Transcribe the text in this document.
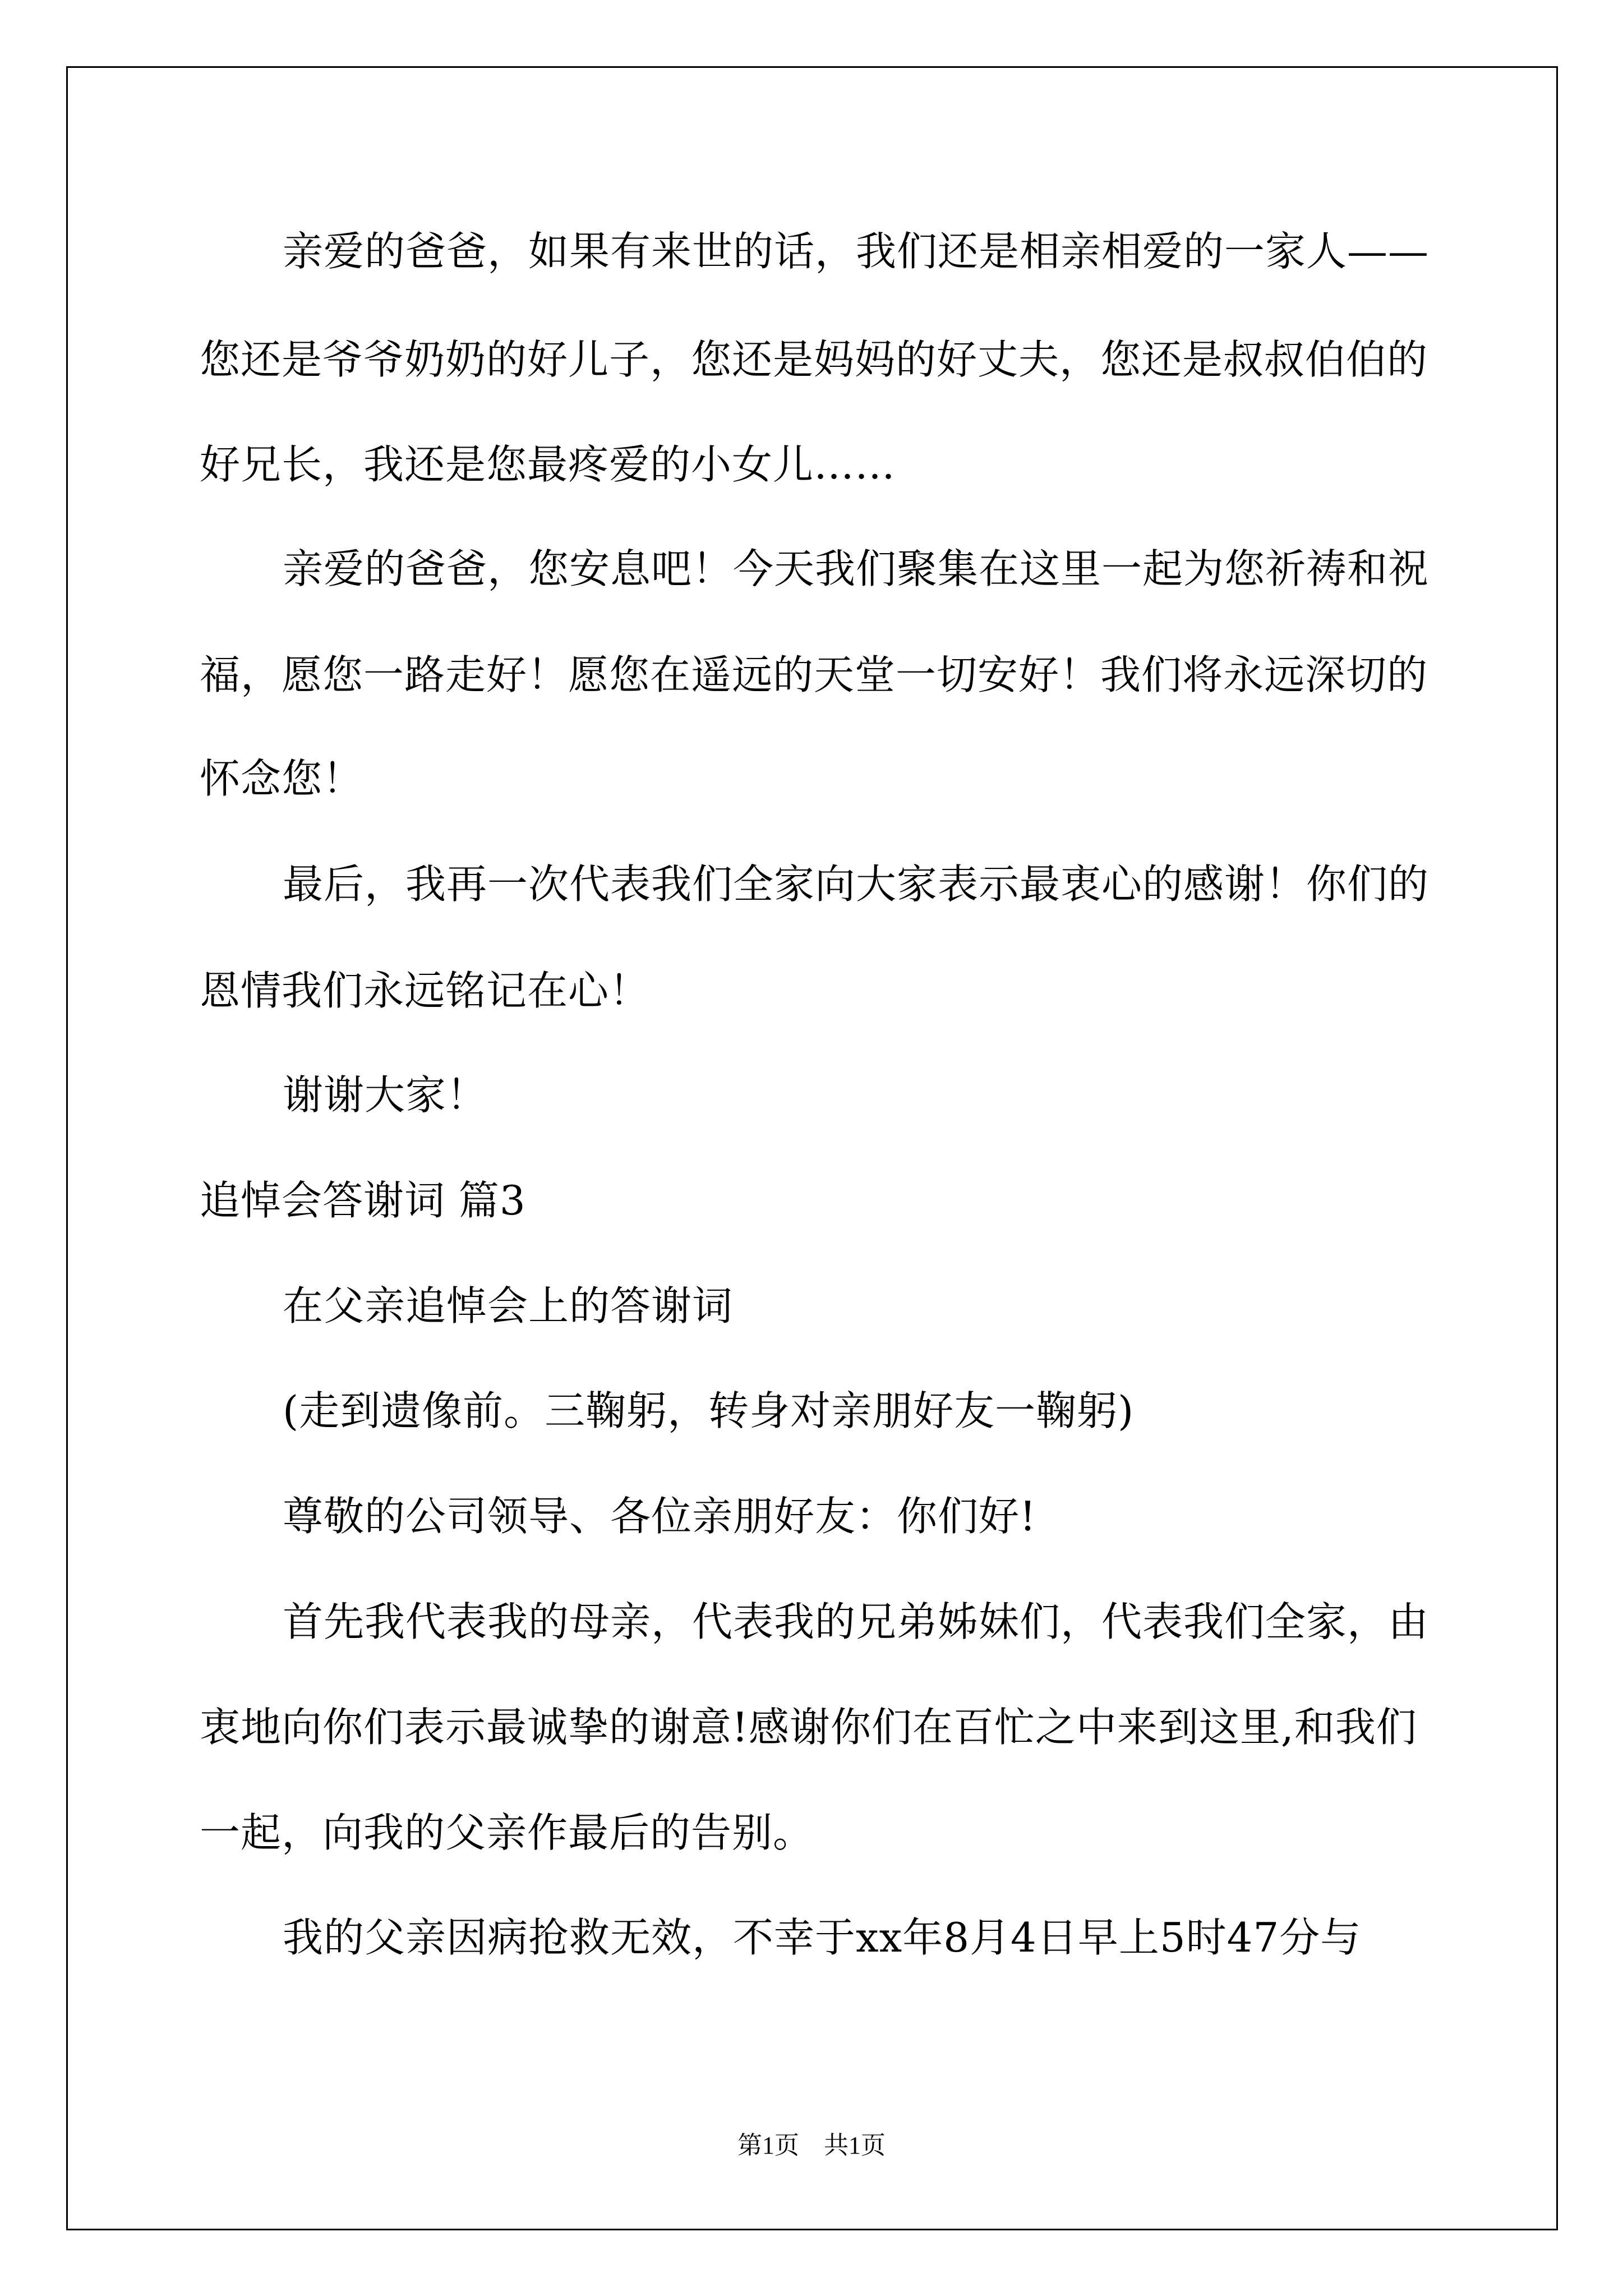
亲爱的爸爸，如果有来世的话，我们还是相亲相爱的一家人——
您还是爷爷奶奶的好儿子，您还是妈妈的好丈夫，您还是叔叔伯伯的
好兄长，我还是您最疼爱的小女儿……
亲爱的爸爸，您安息吧！今天我们聚集在这里一起为您祈祷和祝
福，愿您一路走好！愿您在遥远的天堂一切安好！我们将永远深切的
怀念您！
最后，我再一次代表我们全家向大家表示最衷心的感谢！你们的
恩情我们永远铭记在心！
谢谢大家！
追悼会答谢词 篇3
在父亲追悼会上的答谢词
(走到遗像前。三鞠躬，转身对亲朋好友一鞠躬)
尊敬的公司领导、各位亲朋好友：你们好!
首先我代表我的母亲，代表我的兄弟姊妹们，代表我们全家，由
衷地向你们表示最诚挚的谢意!感谢你们在百忙之中来到这里,和我们
一起，向我的父亲作最后的告别。
我的父亲因病抢救无效，不幸于xx年8月4日早上5时47分与
第1页　共1页
